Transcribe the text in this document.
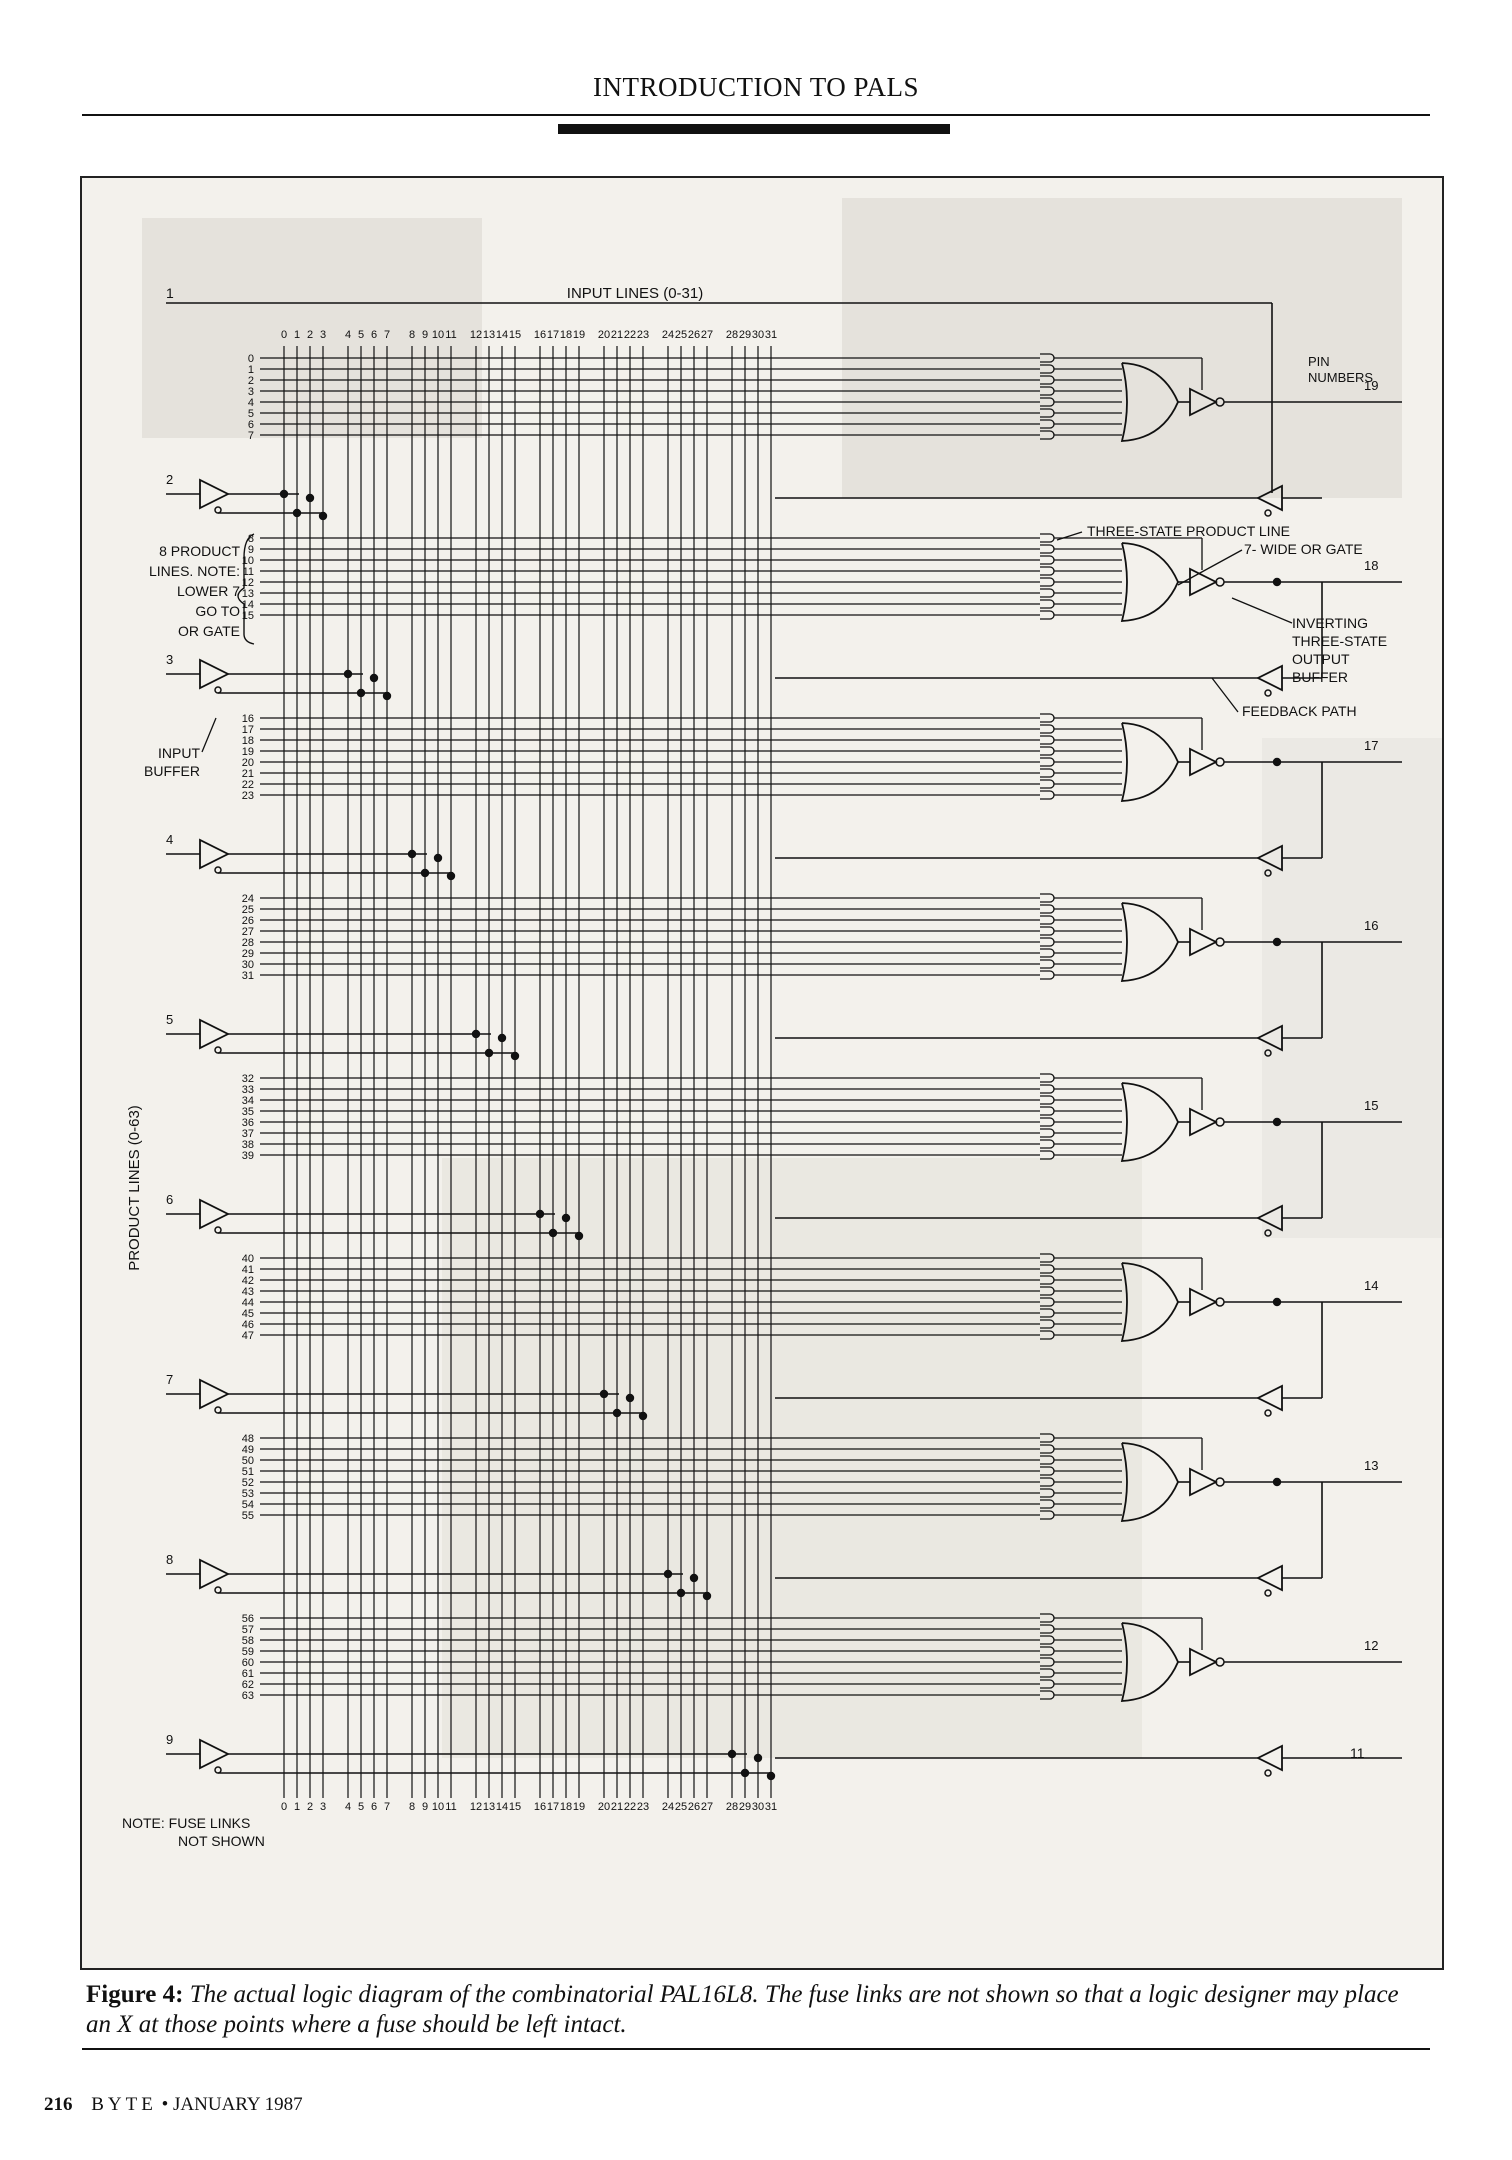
INTRODUCTION TO PALS
INPUT LINES (0-31)
1
PRODUCT LINES (0-63)
11
0
0
1
1
2
2
3
3
4
4
5
5
6
6
7
7
8
8
9
9
10
10
11
11
12
12
13
13
14
14
15
15
16
16
17
17
18
18
19
19
20
20
21
21
22
22
23
23
24
24
25
25
26
26
27
27
28
28
29
29
30
30
31
31
0
1
2
3
4
5
6
7
8
9
10
11
12
13
14
15
16
17
18
19
20
21
22
23
24
25
26
27
28
29
30
31
32
33
34
35
36
37
38
39
40
41
42
43
44
45
46
47
48
49
50
51
52
53
54
55
56
57
58
59
60
61
62
63
2
3
4
5
6
7
8
9
19
18
17
16
15
14
13
12
PIN
NUMBERS
THREE-STATE PRODUCT LINE
7- WIDE OR GATE
INVERTING
THREE-STATE
OUTPUT
BUFFER
FEEDBACK PATH
8 PRODUCT
LINES. NOTE:
LOWER 7
GO TO
OR GATE
INPUT
BUFFER
NOTE: FUSE LINKS
NOT SHOWN
Figure 4: The actual logic diagram of the combinatorial PAL16L8. The fuse links are not shown so that a logic designer may place an X at those points where a fuse should be left intact.
216 BYTE • JANUARY 1987
